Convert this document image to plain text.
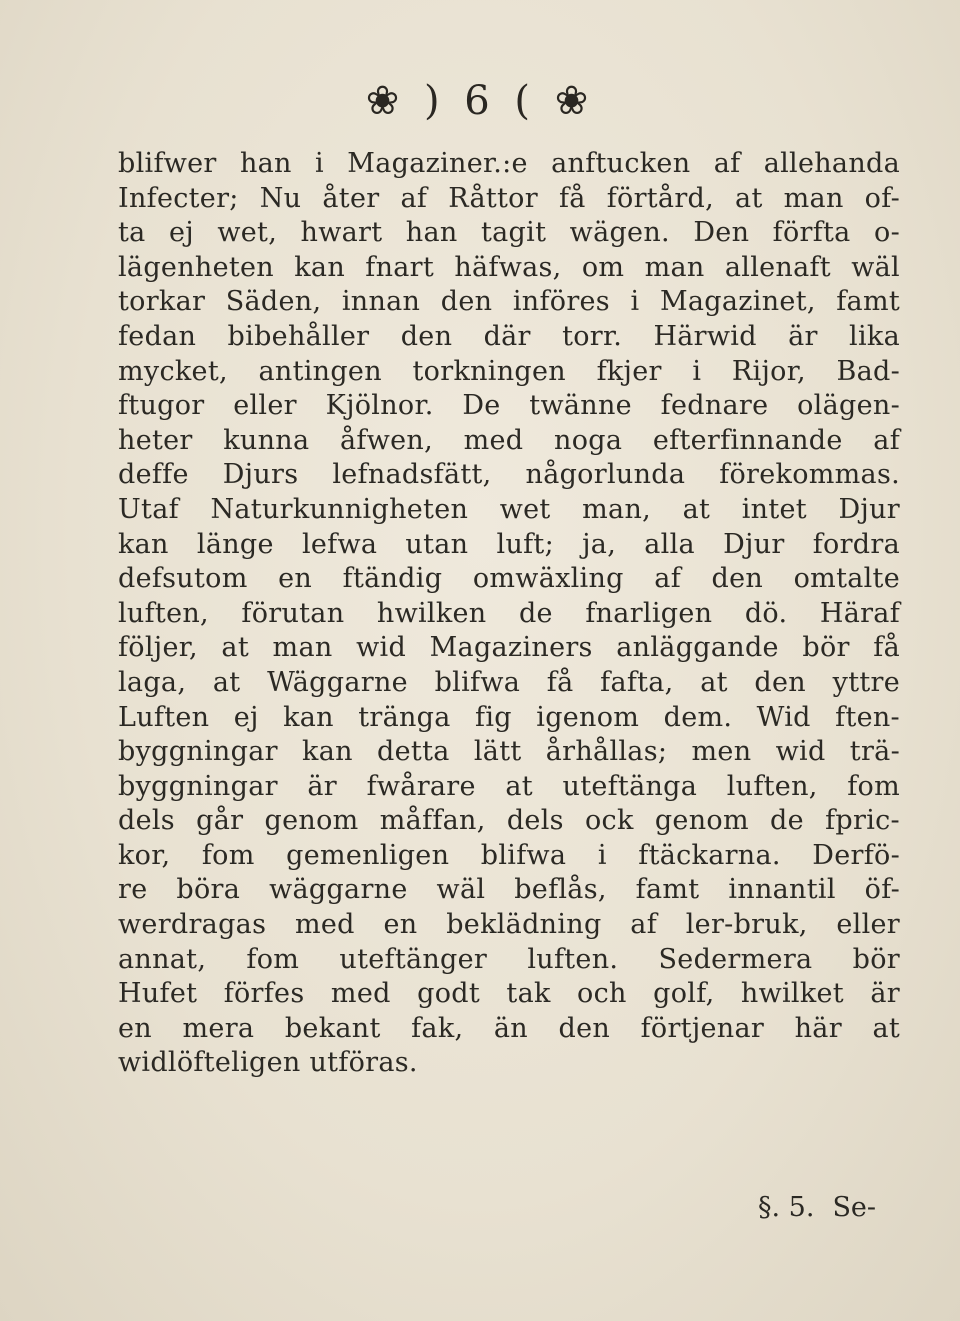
❀ ) 6 ( ❀
blifwer han i Magaziner.:e anftucken af allehanda
Infecter; Nu åter af Råttor få förtård, at man of-
ta ej wet, hwart han tagit wägen. Den förfta o-
lägenheten kan fnart häfwas, om man allenaft wäl
torkar Säden, innan den införes i Magazinet, famt
fedan bibehåller den där torr. Härwid är lika
mycket, antingen torkningen fkjer i Rijor, Bad-
ftugor eller Kjölnor. De twänne fednare olägen-
heter kunna åfwen, med noga efterfinnande af
deffe Djurs lefnadsfätt, någorlunda förekommas.
Utaf Naturkunnigheten wet man, at intet Djur
kan länge lefwa utan luft; ja, alla Djur fordra
defsutom en ftändig omwäxling af den omtalte
luften, förutan hwilken de fnarligen dö. Häraf
följer, at man wid Magaziners anläggande bör få
laga, at Wäggarne blifwa få fafta, at den yttre
Luften ej kan tränga fig igenom dem. Wid ften-
byggningar kan detta lätt århållas; men wid trä-
byggningar är fwårare at uteftänga luften, fom
dels går genom måffan, dels ock genom de fpric-
kor, fom gemenligen blifwa i ftäckarna. Derfö-
re böra wäggarne wäl beflås, famt innantil öf-
werdragas med en beklädning af ler-bruk, eller
annat, fom uteftänger luften. Sedermera bör
Hufet förfes med godt tak och golf, hwilket är
en mera bekant fak, än den förtjenar här at
widlöfteligen utföras.
§. 5. Se-
